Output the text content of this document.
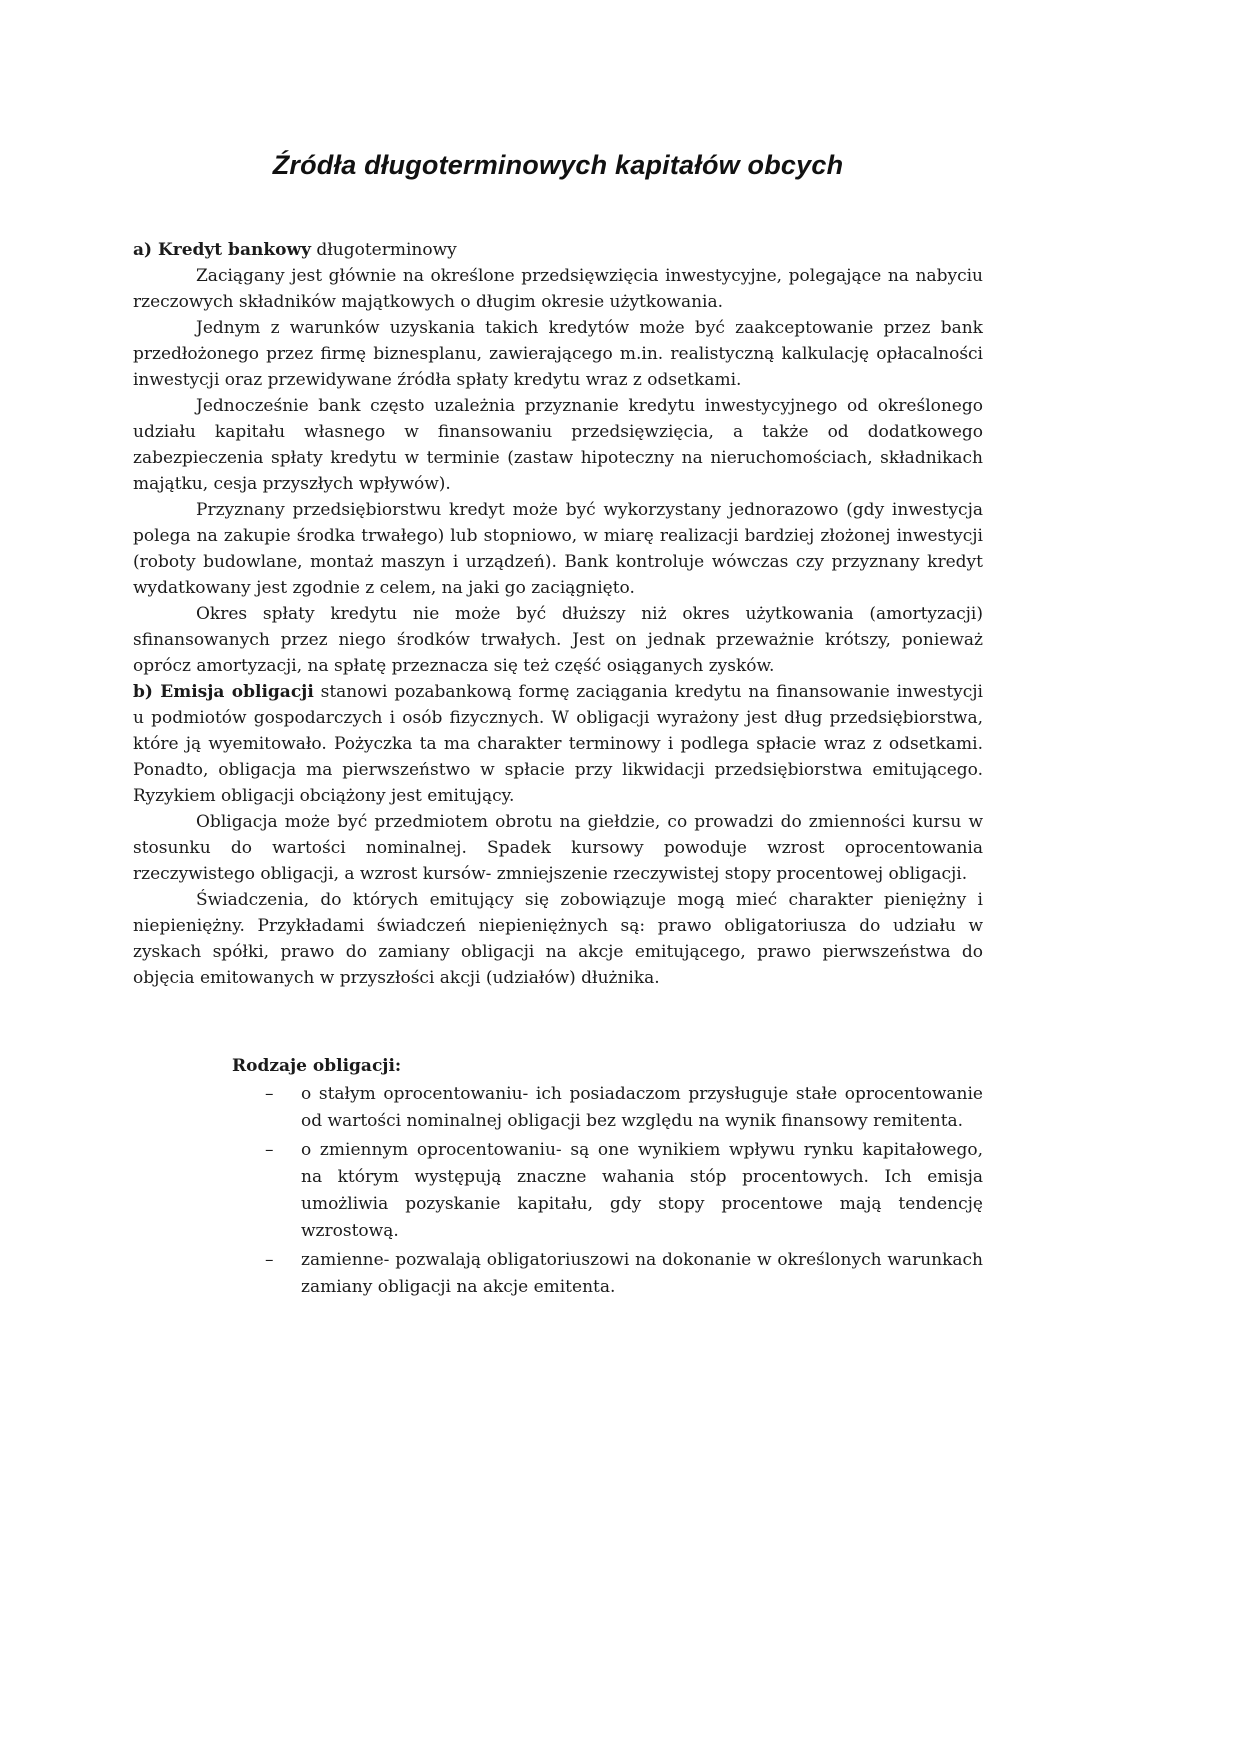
Źródła długoterminowych kapitałów obcych

a) Kredyt bankowy długoterminowy

Zaciągany jest głównie na określone przedsięwzięcia inwestycyjne, polegające na nabyciu rzeczowych składników majątkowych o długim okresie użytkowania.

Jednym z warunków uzyskania takich kredytów może być zaakceptowanie przez bank przedłożonego przez firmę biznesplanu, zawierającego m.in. realistyczną kalkulację opłacalności inwestycji oraz przewidywane źródła spłaty kredytu wraz z odsetkami.

Jednocześnie bank często uzależnia przyznanie kredytu inwestycyjnego od określonego udziału kapitału własnego w finansowaniu przedsięwzięcia, a także od dodatkowego zabezpieczenia spłaty kredytu w terminie (zastaw hipoteczny na nieruchomościach, składnikach majątku, cesja przyszłych wpływów).

Przyznany przedsiębiorstwu kredyt może być wykorzystany jednorazowo (gdy inwestycja polega na zakupie środka trwałego) lub stopniowo, w miarę realizacji bardziej złożonej inwestycji (roboty budowlane, montaż maszyn i urządzeń). Bank kontroluje wówczas czy przyznany kredyt wydatkowany jest zgodnie z celem, na jaki go zaciągnięto.

Okres spłaty kredytu nie może być dłuższy niż okres użytkowania (amortyzacji) sfinansowanych przez niego środków trwałych. Jest on jednak przeważnie krótszy, ponieważ oprócz amortyzacji, na spłatę przeznacza się też część osiąganych zysków.

b) Emisja obligacji stanowi pozabankową formę zaciągania kredytu na finansowanie inwestycji u podmiotów gospodarczych i osób fizycznych. W obligacji wyrażony jest dług przedsiębiorstwa, które ją wyemitowało. Pożyczka ta ma charakter terminowy i podlega spłacie wraz z odsetkami. Ponadto, obligacja ma pierwszeństwo w spłacie przy likwidacji przedsiębiorstwa emitującego. Ryzykiem obligacji obciążony jest emitujący.

Obligacja może być przedmiotem obrotu na giełdzie, co prowadzi do zmienności kursu w stosunku do wartości nominalnej. Spadek kursowy powoduje wzrost oprocentowania rzeczywistego obligacji, a wzrost kursów- zmniejszenie rzeczywistej stopy procentowej obligacji.

Świadczenia, do których emitujący się zobowiązuje mogą mieć charakter pieniężny i niepieniężny. Przykładami świadczeń niepieniężnych są: prawo obligatoriusza do udziału w zyskach spółki, prawo do zamiany obligacji na akcje emitującego, prawo pierwszeństwa do objęcia emitowanych w przyszłości akcji (udziałów) dłużnika.

Rodzaje obligacji:

– o stałym oprocentowaniu- ich posiadaczom przysługuje stałe oprocentowanie od wartości nominalnej obligacji bez względu na wynik finansowy remitenta.
– o zmiennym oprocentowaniu- są one wynikiem wpływu rynku kapitałowego, na którym występują znaczne wahania stóp procentowych. Ich emisja umożliwia pozyskanie kapitału, gdy stopy procentowe mają tendencję wzrostową.
– zamienne- pozwalają obligatoriuszowi na dokonanie w określonych warunkach zamiany obligacji na akcje emitenta.
